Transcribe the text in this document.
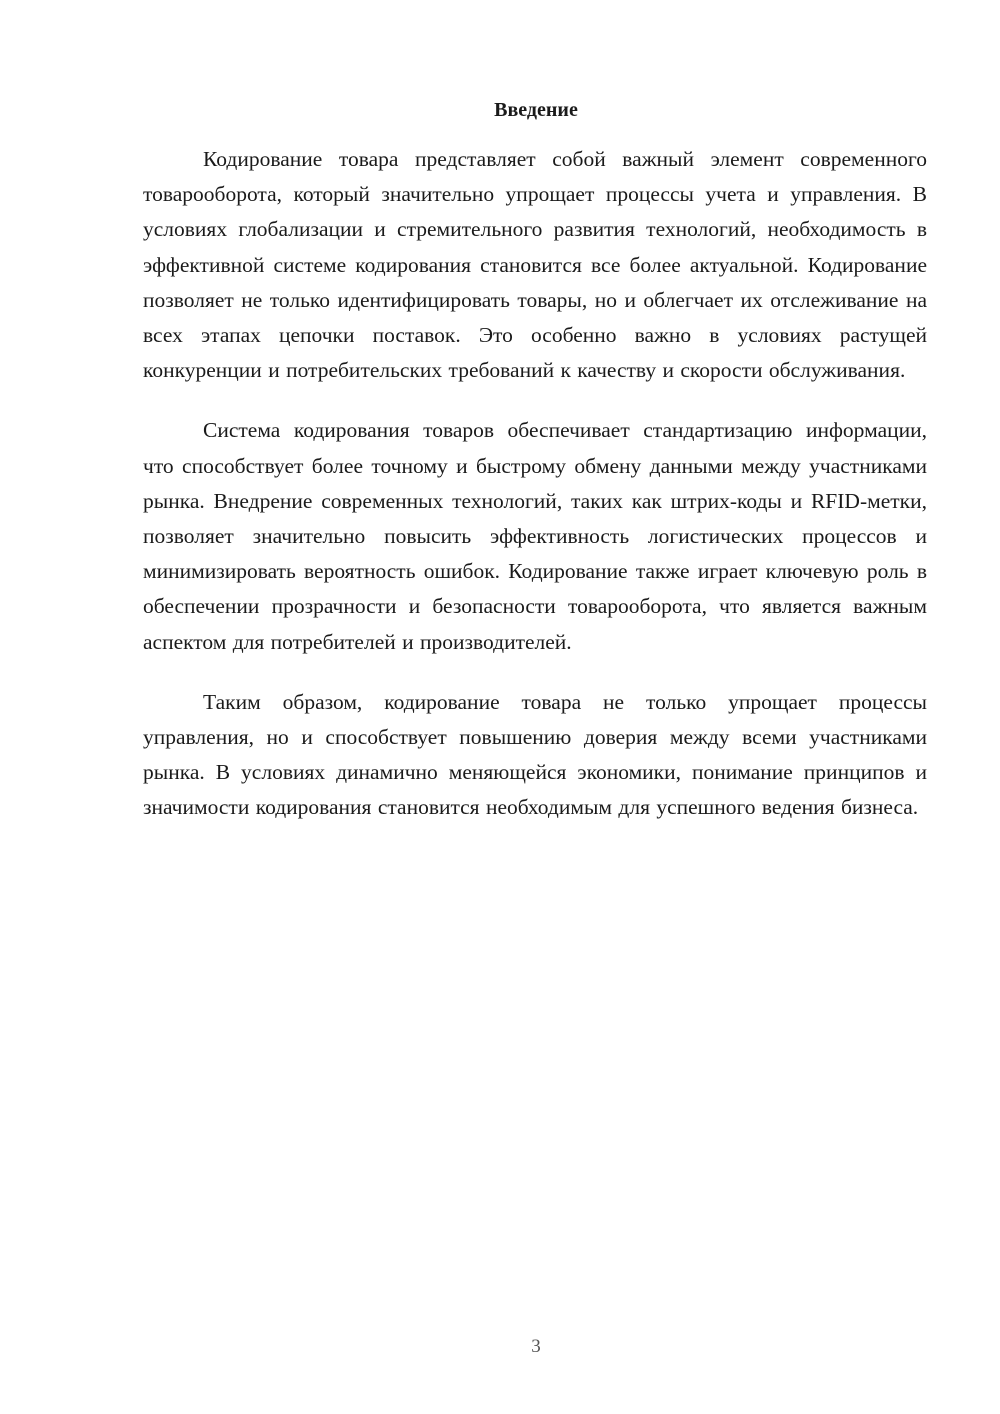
Введение

Кодирование товара представляет собой важный элемент современного товарооборота, который значительно упрощает процессы учета и управления. В условиях глобализации и стремительного развития технологий, необходимость в эффективной системе кодирования становится все более актуальной. Кодирование позволяет не только идентифицировать товары, но и облегчает их отслеживание на всех этапах цепочки поставок. Это особенно важно в условиях растущей конкуренции и потребительских требований к качеству и скорости обслуживания.

Система кодирования товаров обеспечивает стандартизацию информации, что способствует более точному и быстрому обмену данными между участниками рынка. Внедрение современных технологий, таких как штрих-коды и RFID-метки, позволяет значительно повысить эффективность логистических процессов и минимизировать вероятность ошибок. Кодирование также играет ключевую роль в обеспечении прозрачности и безопасности товарооборота, что является важным аспектом для потребителей и производителей.

Таким образом, кодирование товара не только упрощает процессы управления, но и способствует повышению доверия между всеми участниками рынка. В условиях динамично меняющейся экономики, понимание принципов и значимости кодирования становится необходимым для успешного ведения бизнеса.

3
